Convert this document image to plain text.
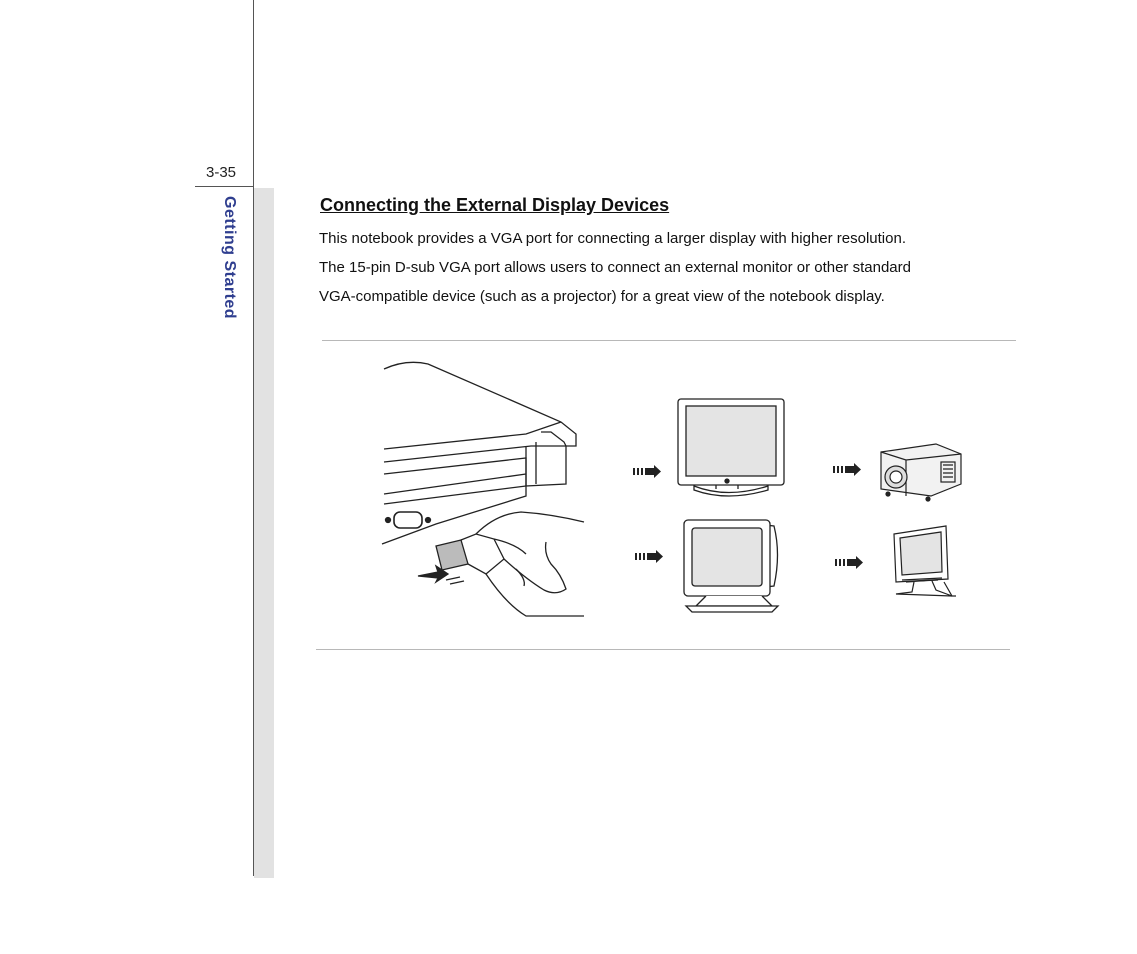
3-35
Getting Started	Connecting the External Display Devices

This notebook provides a VGA port for connecting a larger display with higher resolution.

The 15-pin D-sub VGA port allows users to connect an external monitor or other standard

VGA-compatible device (such as a projector) for a great view of the notebook display.
